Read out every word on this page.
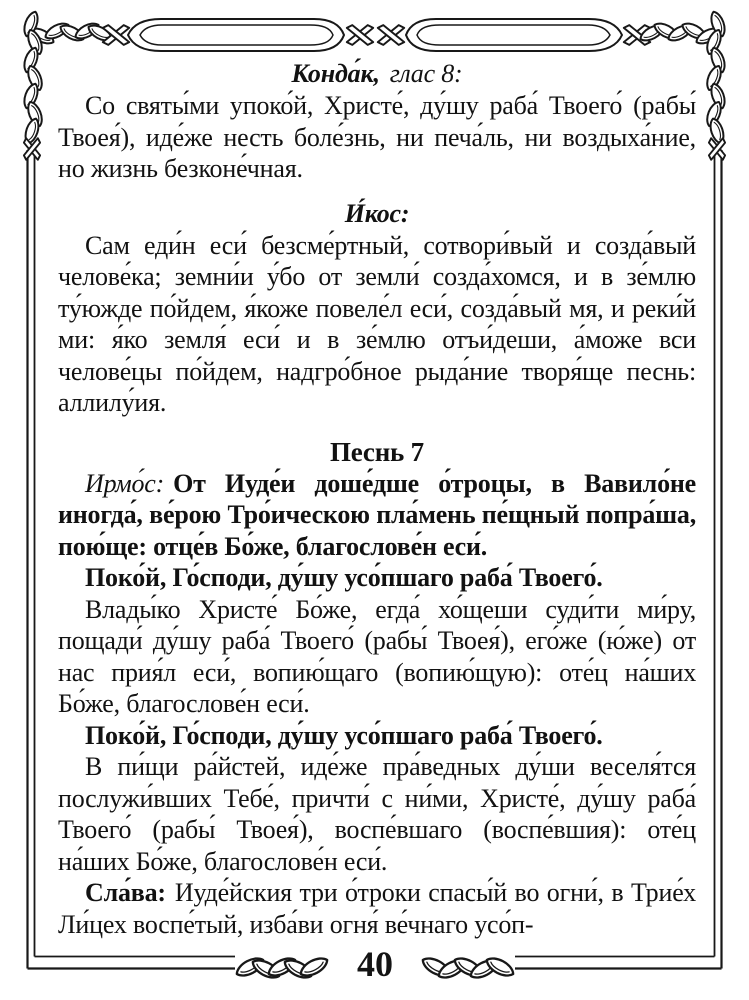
Конда́к, глас 8:

Со святы́ми упоко́й, Христе́, ду́шу раба́ Твоего́ (рабы́ Твоея́), иде́же несть боле́знь, ни печа́ль, ни воздыха́ние, но жизнь безконе́чная.

И́кос:

Сам еди́н еси́ безсме́ртный, сотвори́вый и созда́вый челове́ка; земни́и у́бо от земли́ созда́хомся, и в зе́млю ту́южде по́йдем, я́коже повеле́л еси́, созда́вый мя, и реки́й ми: я́ко земля́ еси́ и в зе́млю отъи́деши, а́може вси челове́цы по́йдем, надгро́бное рыда́ние творя́ще песнь: аллилу́ия.

Песнь 7

Ирмо́с: От Иуде́и доше́дше о́троцы, в Вавило́не иногда́, ве́рою Тро́ическою пла́мень пе́щный попра́ша, пою́ще: отце́в Бо́же, благослове́н еси́.

Поко́й, Го́споди, ду́шу усо́пшаго раба́ Твоего́.

Влады́ко Христе́ Бо́же, егда́ хо́щеши суди́ти ми́ру, пощади́ ду́шу раба́ Твоего́ (рабы́ Твоея́), его́же (ю́же) от нас прия́л еси́, вопию́щаго (вопию́щую): оте́ц на́ших Бо́же, благослове́н еси́.

Поко́й, Го́споди, ду́шу усо́пшаго раба́ Твоего́.

В пи́щи ра́йстей, иде́же пра́ведных ду́ши веселя́тся послужи́вших Тебе́, причти́ с ни́ми, Христе́, ду́шу раба́ Твоего́ (рабы́ Твоея́), воспе́вшаго (воспе́вшия): оте́ц на́ших Бо́же, благослове́н еси́.

Сла́ва: Иуде́йския три о́троки спасы́й во огни́, в Трие́х Ли́цех воспе́тый, изба́ви огня́ ве́чнаго усо́п-

40
